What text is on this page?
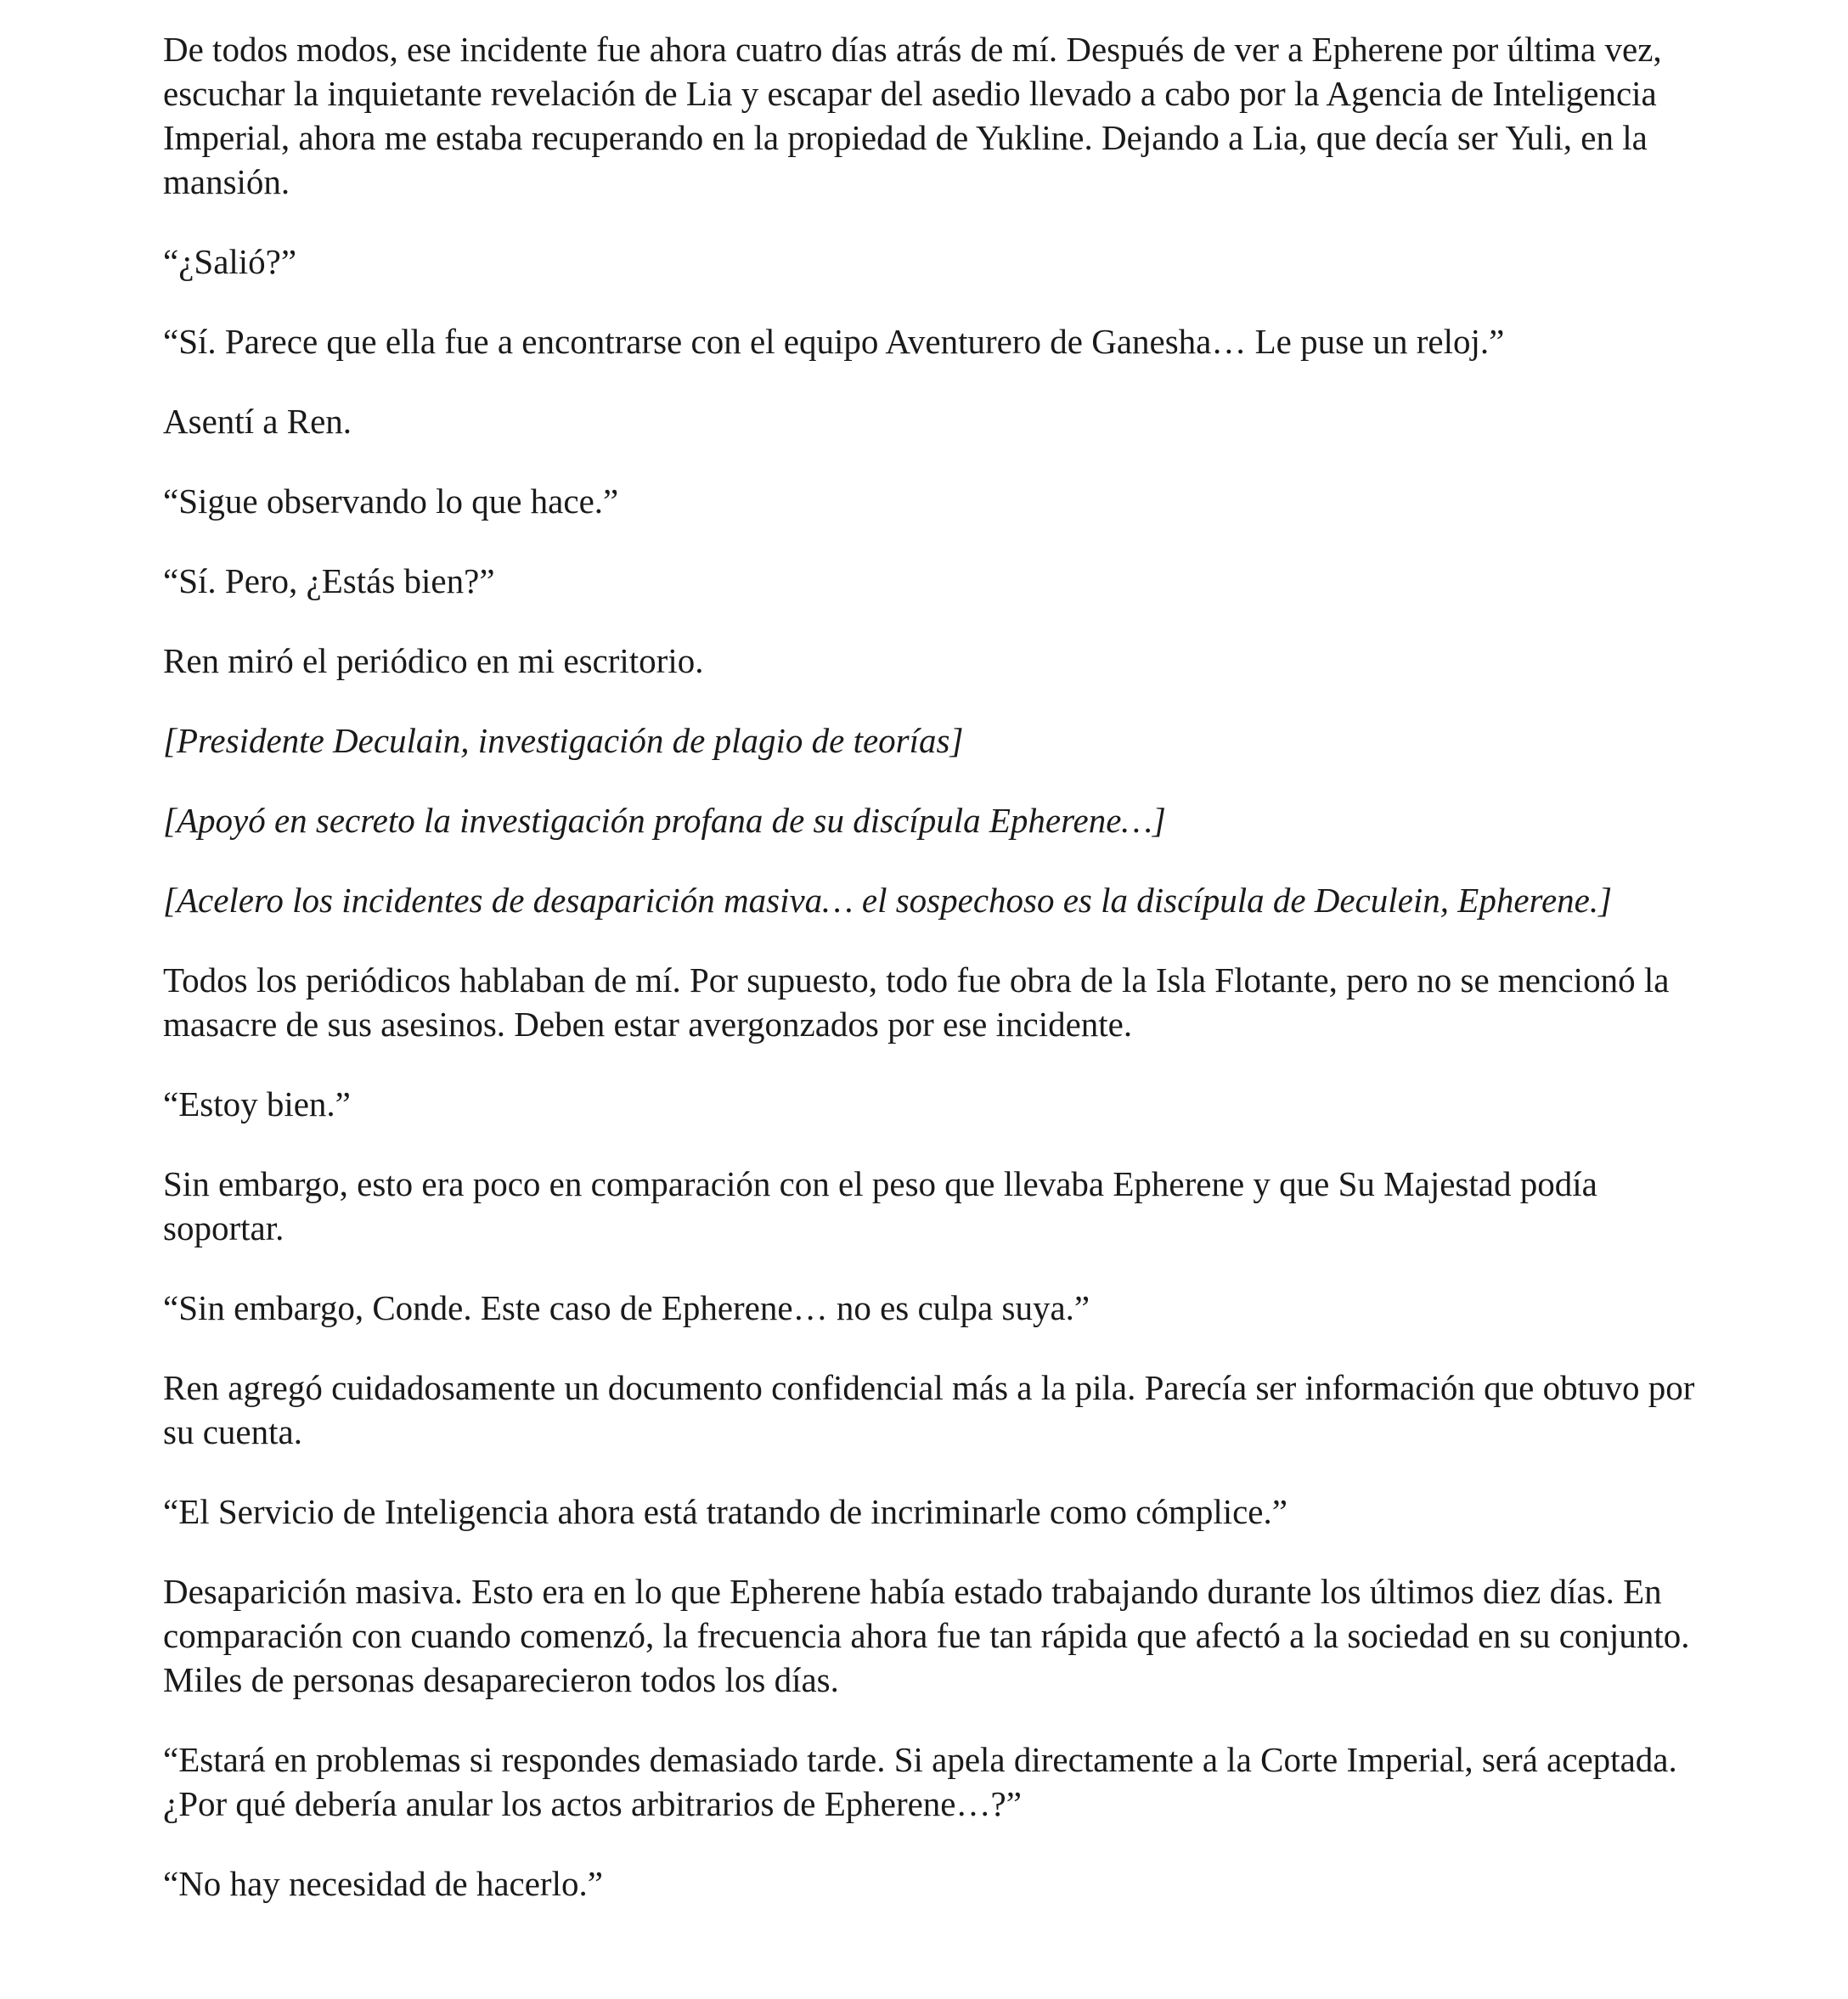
De todos modos, ese incidente fue ahora cuatro días atrás de mí. Después de ver a Epherene por última vez, escuchar la inquietante revelación de Lia y escapar del asedio llevado a cabo por la Agencia de Inteligencia Imperial, ahora me estaba recuperando en la propiedad de Yukline. Dejando a Lia, que decía ser Yuli, en la mansión.

“¿Salió?”

“Sí. Parece que ella fue a encontrarse con el equipo Aventurero de Ganesha… Le puse un reloj.”

Asentí a Ren.

“Sigue observando lo que hace.”

“Sí. Pero, ¿Estás bien?”

Ren miró el periódico en mi escritorio.

[Presidente Deculain, investigación de plagio de teorías]

[Apoyó en secreto la investigación profana de su discípula Epherene…]

[Acelero los incidentes de desaparición masiva… el sospechoso es la discípula de Deculein, Epherene.]

Todos los periódicos hablaban de mí. Por supuesto, todo fue obra de la Isla Flotante, pero no se mencionó la masacre de sus asesinos. Deben estar avergonzados por ese incidente.

“Estoy bien.”

Sin embargo, esto era poco en comparación con el peso que llevaba Epherene y que Su Majestad podía soportar.

“Sin embargo, Conde. Este caso de Epherene… no es culpa suya.”

Ren agregó cuidadosamente un documento confidencial más a la pila. Parecía ser información que obtuvo por su cuenta.

“El Servicio de Inteligencia ahora está tratando de incriminarle como cómplice.”

Desaparición masiva. Esto era en lo que Epherene había estado trabajando durante los últimos diez días. En comparación con cuando comenzó, la frecuencia ahora fue tan rápida que afectó a la sociedad en su conjunto. Miles de personas desaparecieron todos los días.

“Estará en problemas si respondes demasiado tarde. Si apela directamente a la Corte Imperial, será aceptada. ¿Por qué debería anular los actos arbitrarios de Epherene…?”

“No hay necesidad de hacerlo.”
